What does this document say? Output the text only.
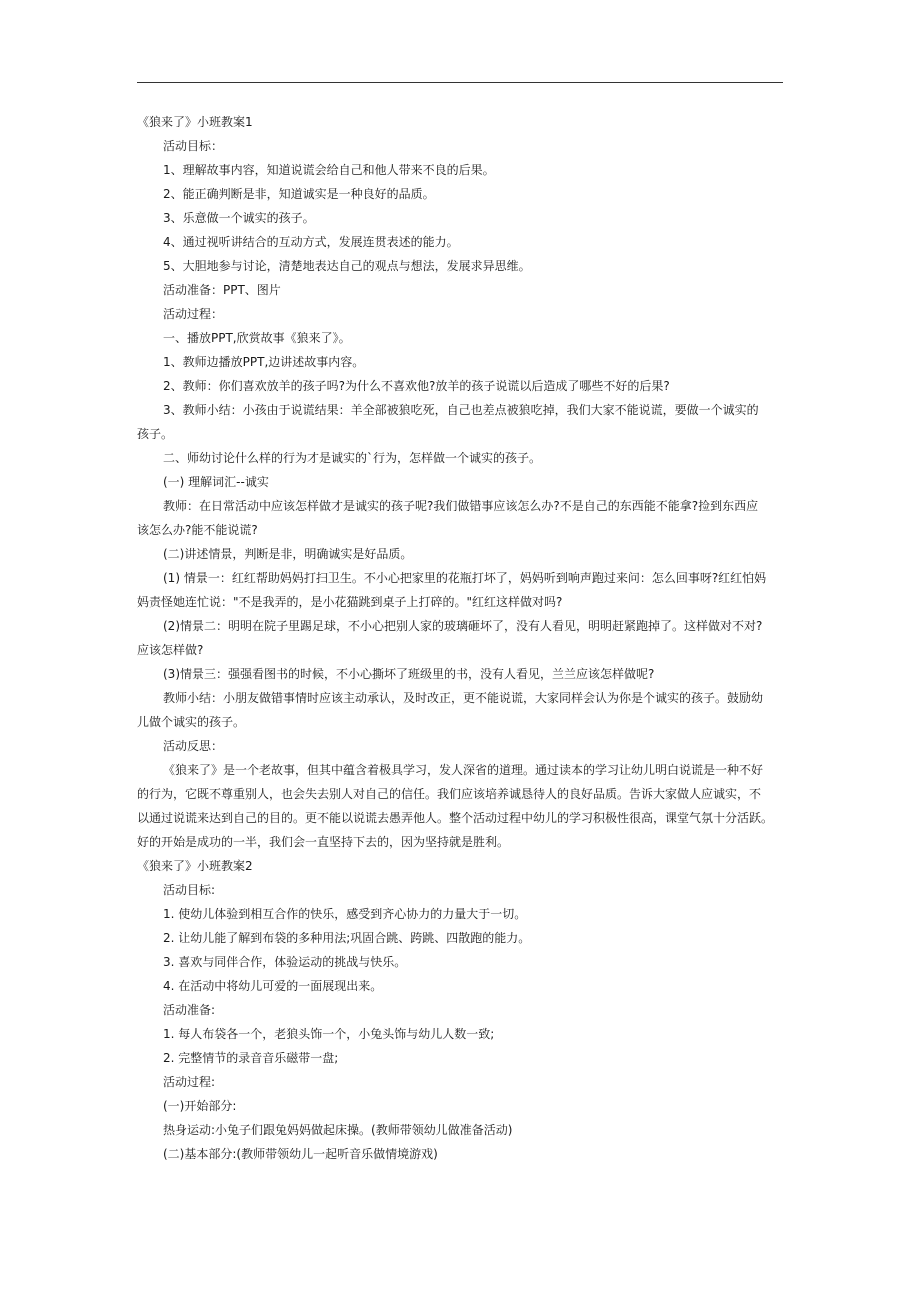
《狼来了》小班教案1
活动目标：
1、理解故事内容，知道说谎会给自己和他人带来不良的后果。
2、能正确判断是非，知道诚实是一种良好的品质。
3、乐意做一个诚实的孩子。
4、通过视听讲结合的互动方式，发展连贯表述的能力。
5、大胆地参与讨论，清楚地表达自己的观点与想法，发展求异思维。
活动准备：PPT、图片
活动过程：
一、播放PPT,欣赏故事《狼来了》。
1、教师边播放PPT,边讲述故事内容。
2、教师：你们喜欢放羊的孩子吗?为什么不喜欢他?放羊的孩子说谎以后造成了哪些不好的后果?
3、教师小结：小孩由于说谎结果：羊全部被狼吃死，自己也差点被狼吃掉，我们大家不能说谎，要做一个诚实的
孩子。
二、师幼讨论什么样的行为才是诚实的`行为，怎样做一个诚实的孩子。
(一) 理解词汇--诚实
教师：在日常活动中应该怎样做才是诚实的孩子呢?我们做错事应该怎么办?不是自己的东西能不能拿?捡到东西应
该怎么办?能不能说谎?
(二)讲述情景，判断是非，明确诚实是好品质。
(1) 情景一：红红帮助妈妈打扫卫生。不小心把家里的花瓶打坏了，妈妈听到响声跑过来问：怎么回事呀?红红怕妈
妈责怪她连忙说："不是我弄的，是小花猫跳到桌子上打碎的。"红红这样做对吗?
(2)情景二：明明在院子里踢足球，不小心把别人家的玻璃砸坏了，没有人看见，明明赶紧跑掉了。这样做对不对?
应该怎样做?
(3)情景三：强强看图书的时候，不小心撕坏了班级里的书，没有人看见，兰兰应该怎样做呢?
教师小结：小朋友做错事情时应该主动承认，及时改正，更不能说谎，大家同样会认为你是个诚实的孩子。鼓励幼
儿做个诚实的孩子。
活动反思：
《狼来了》是一个老故事，但其中蕴含着极具学习，发人深省的道理。通过读本的学习让幼儿明白说谎是一种不好
的行为，它既不尊重别人，也会失去别人对自己的信任。我们应该培养诚恳待人的良好品质。告诉大家做人应诚实，不
以通过说谎来达到自己的目的。更不能以说谎去愚弄他人。整个活动过程中幼儿的学习积极性很高，课堂气氛十分活跃。
好的开始是成功的一半，我们会一直坚持下去的，因为坚持就是胜利。
《狼来了》小班教案2
活动目标:
1. 使幼儿体验到相互合作的快乐，感受到齐心协力的力量大于一切。
2. 让幼儿能了解到布袋的多种用法;巩固合跳、跨跳、四散跑的能力。
3. 喜欢与同伴合作，体验运动的挑战与快乐。
4. 在活动中将幼儿可爱的一面展现出来。
活动准备:
1. 每人布袋各一个，老狼头饰一个，小兔头饰与幼儿人数一致;
2. 完整情节的录音音乐磁带一盘;
活动过程:
(一)开始部分:
热身运动:小兔子们跟兔妈妈做起床操。(教师带领幼儿做准备活动)
(二)基本部分:(教师带领幼儿一起听音乐做情境游戏)
